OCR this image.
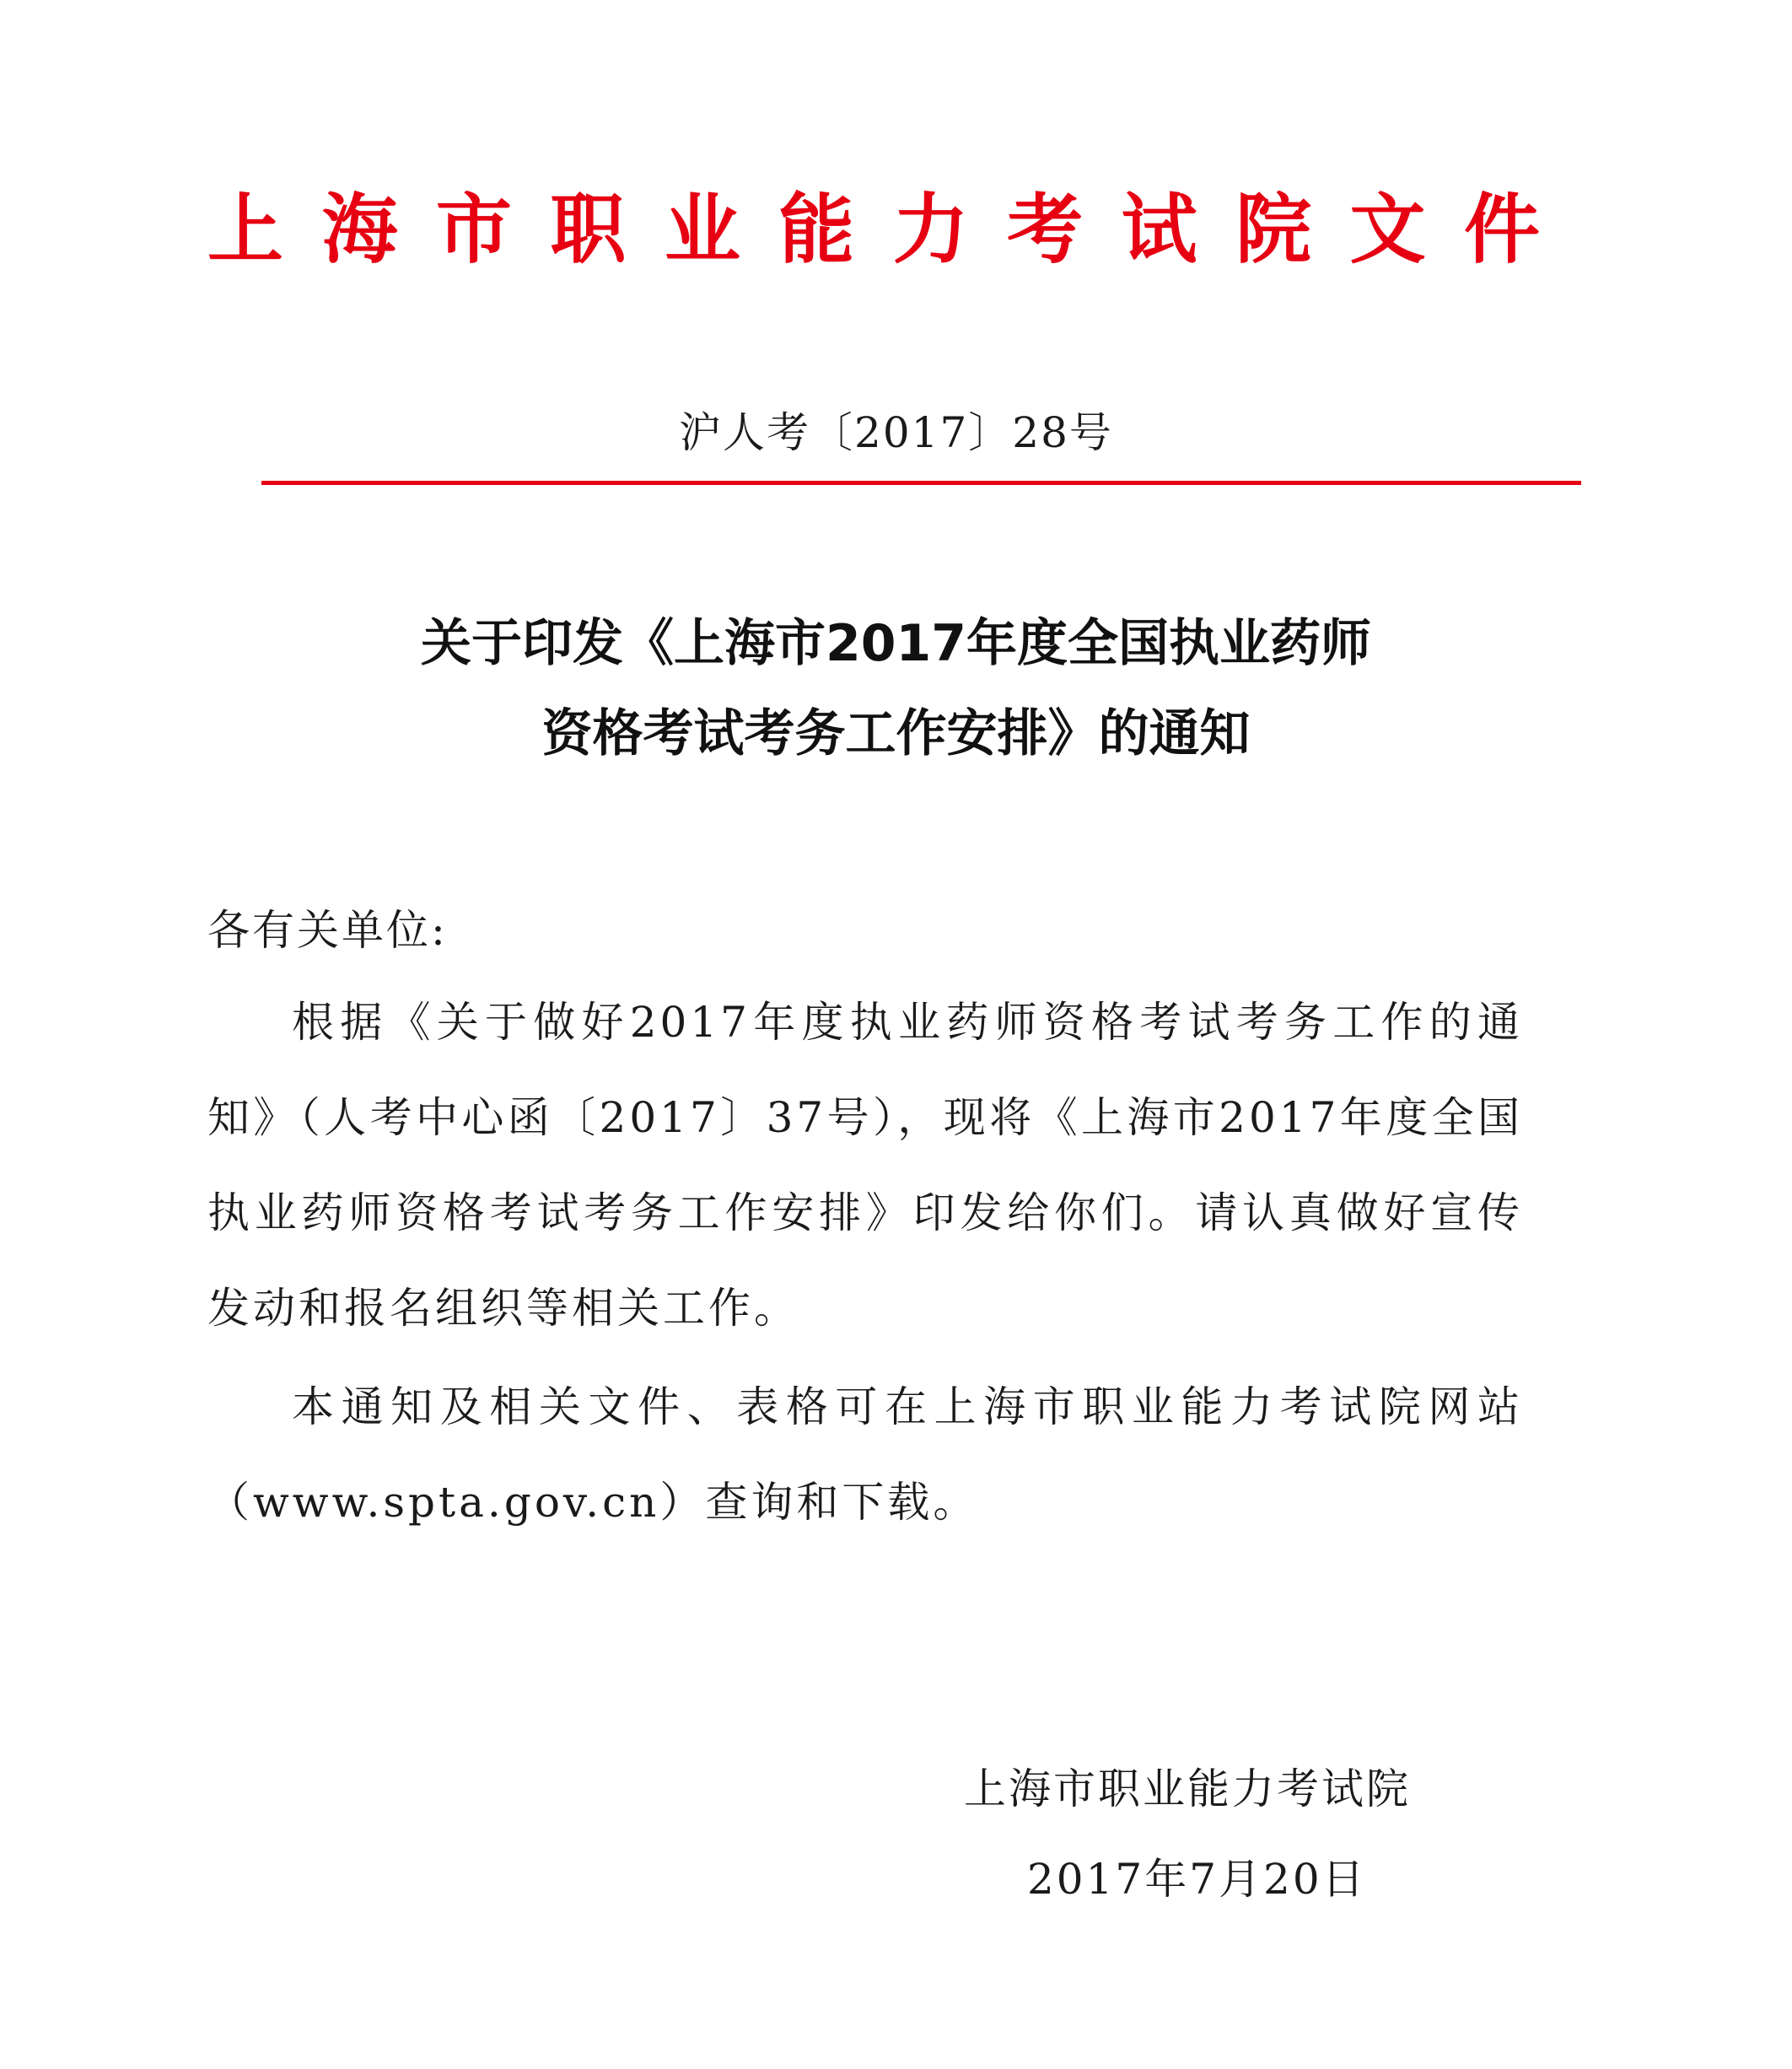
上 海 市 职 业 能 力 考 试 院 文 件
沪人考〔2017〕28号
关于印发《上海市2017年度全国执业药师
资格考试考务工作安排》的通知
各有关单位:
根据《关于做好2017年度执业药师资格考试考务工作的通知》（人考中心函〔2017〕37号），现将《上海市2017年度全国执业药师资格考试考务工作安排》印发给你们。请认真做好宣传发动和报名组织等相关工作。
本通知及相关文件、表格可在上海市职业能力考试院网站（www.spta.gov.cn）查询和下载。
上海市职业能力考试院
2017年7月20日
